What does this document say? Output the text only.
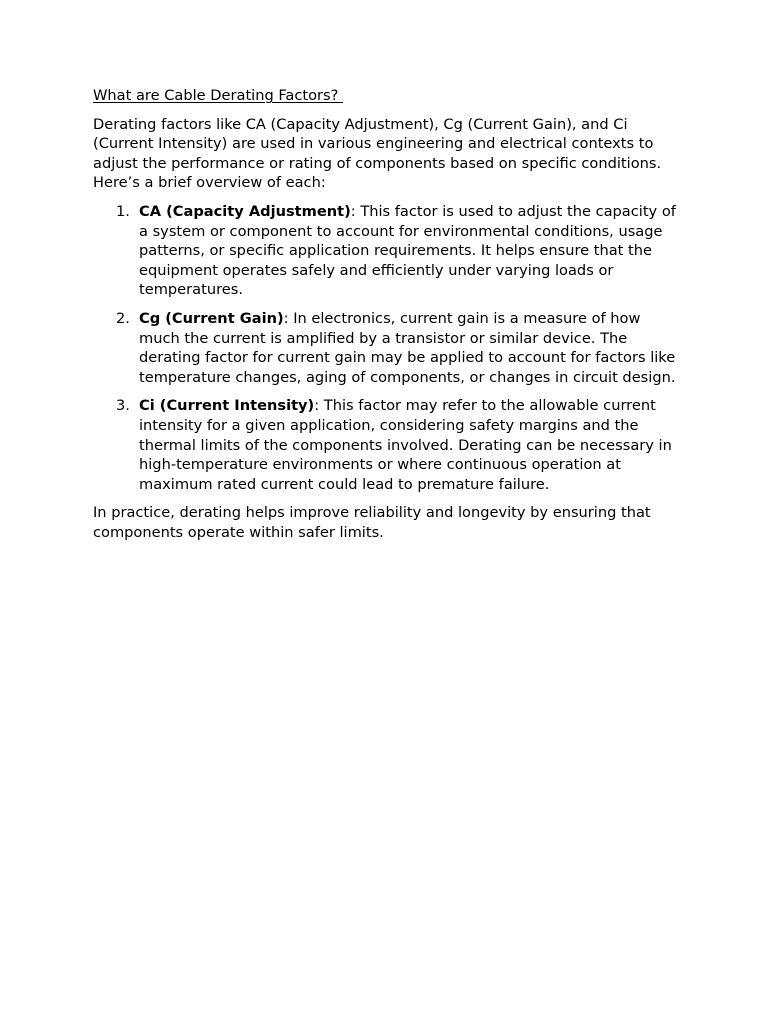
What are Cable Derating Factors?

Derating factors like CA (Capacity Adjustment), Cg (Current Gain), and Ci (Current Intensity) are used in various engineering and electrical contexts to adjust the performance or rating of components based on specific conditions. Here’s a brief overview of each:

1. CA (Capacity Adjustment): This factor is used to adjust the capacity of a system or component to account for environmental conditions, usage patterns, or specific application requirements. It helps ensure that the equipment operates safely and efficiently under varying loads or temperatures.
2. Cg (Current Gain): In electronics, current gain is a measure of how much the current is amplified by a transistor or similar device. The derating factor for current gain may be applied to account for factors like temperature changes, aging of components, or changes in circuit design.
3. Ci (Current Intensity): This factor may refer to the allowable current intensity for a given application, considering safety margins and the thermal limits of the components involved. Derating can be necessary in high-temperature environments or where continuous operation at maximum rated current could lead to premature failure.

In practice, derating helps improve reliability and longevity by ensuring that components operate within safer limits.
